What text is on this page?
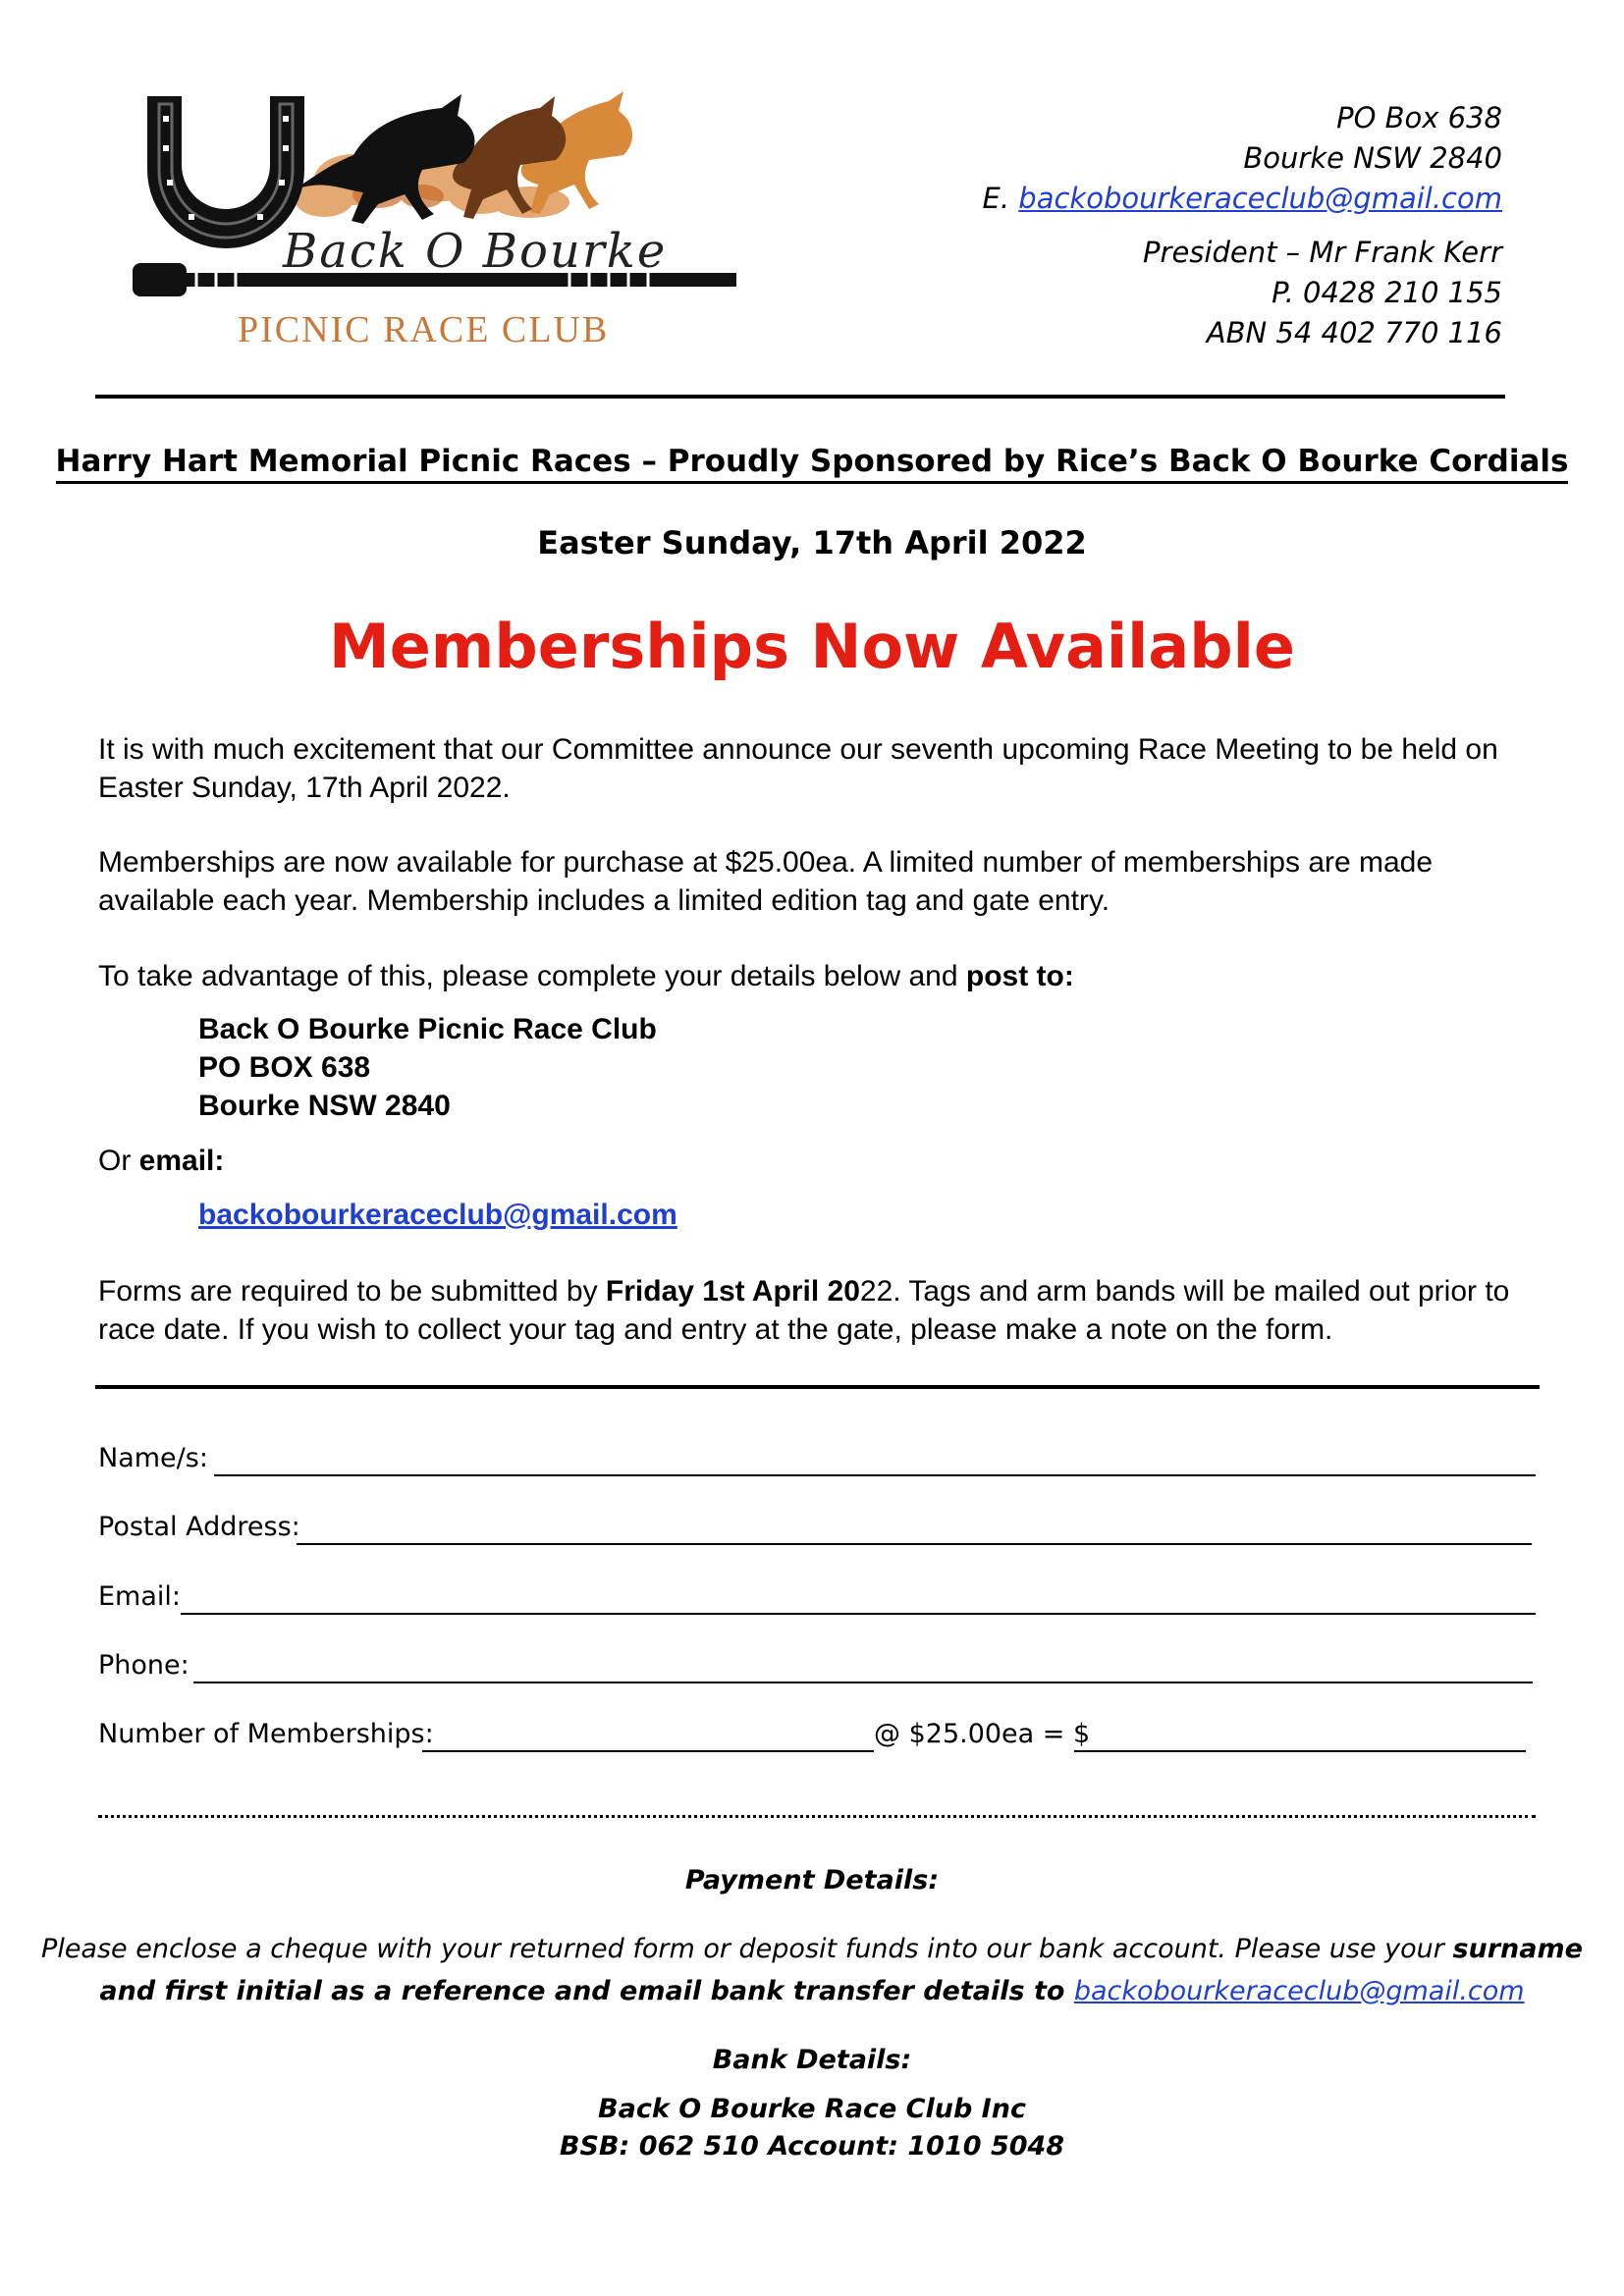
Back O Bourke
PICNIC RACE CLUB
PO Box 638
Bourke NSW 2840
E. backobourkeraceclub@gmail.com
President – Mr Frank Kerr
P. 0428 210 155
ABN 54 402 770 116
Harry Hart Memorial Picnic Races – Proudly Sponsored by Rice’s Back O Bourke Cordials
Easter Sunday, 17th April 2022
Memberships Now Available
It is with much excitement that our Committee announce our seventh upcoming Race Meeting to be held on Easter Sunday, 17th April 2022.
Memberships are now available for purchase at $25.00ea. A limited number of memberships are made available each year. Membership includes a limited edition tag and gate entry.
To take advantage of this, please complete your details below and post to:
Back O Bourke Picnic Race Club
PO BOX 638
Bourke NSW 2840
Or email:
backobourkeraceclub@gmail.com
Forms are required to be submitted by Friday 1st April 2022. Tags and arm bands will be mailed out prior to race date. If you wish to collect your tag and entry at the gate, please make a note on the form.
Name/s:
Postal Address:
Email:
Phone:
Number of Memberships:	@ $25.00ea = $
Payment Details:
Please enclose a cheque with your returned form or deposit funds into our bank account. Please use your surname
and first initial as a reference and email bank transfer details to backobourkeraceclub@gmail.com
Bank Details:
Back O Bourke Race Club Inc
BSB: 062 510 Account: 1010 5048
